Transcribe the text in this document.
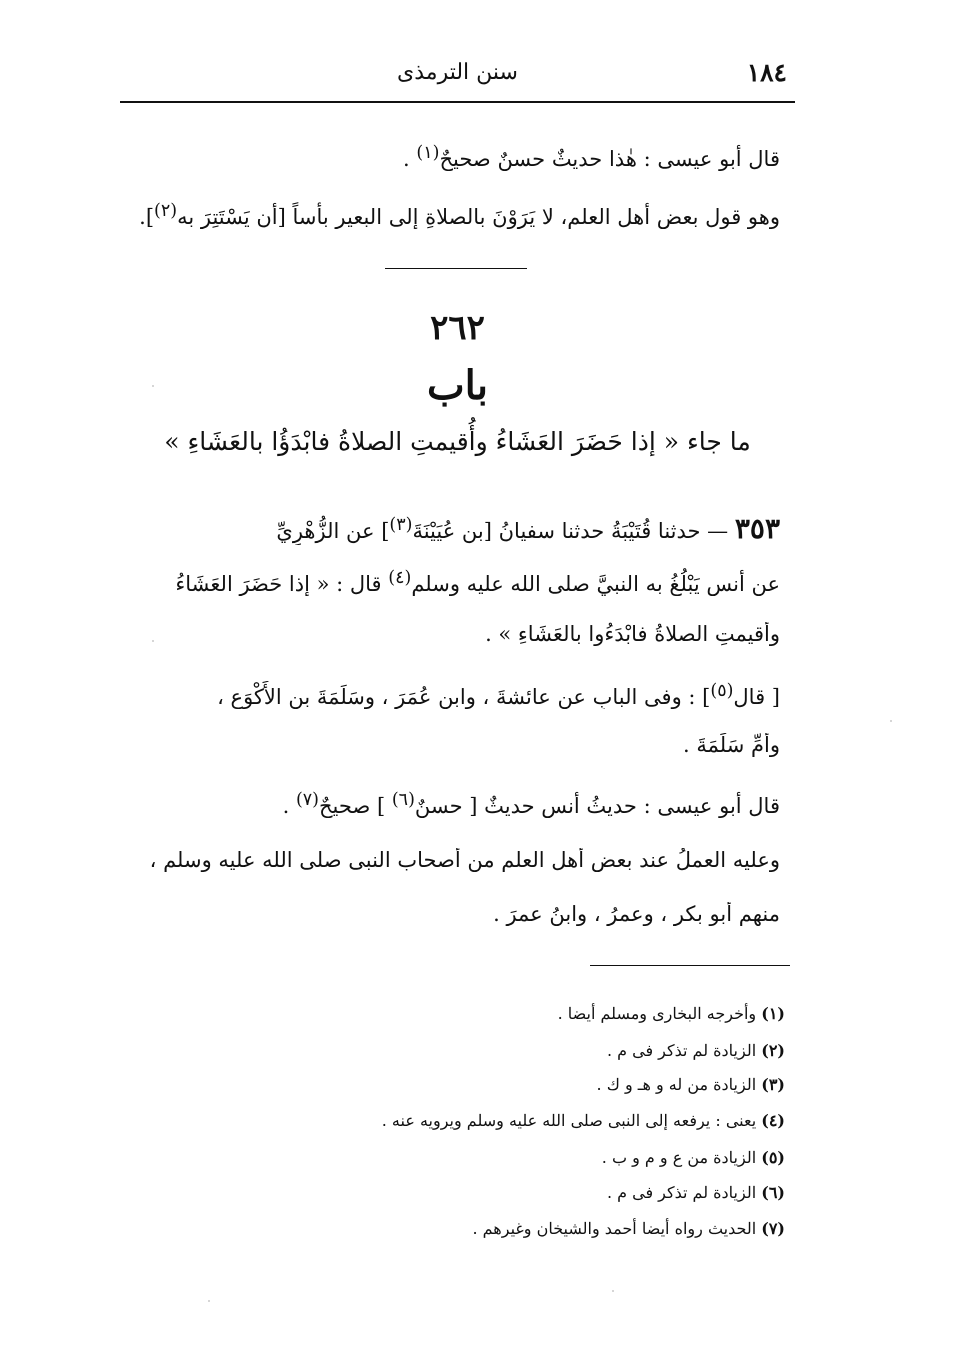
١٨٤
سنن الترمذى
قال أبو عيسى : هٰذا حديثٌ حسنٌ صحيحٌ$^{(١)}$ .
وهو قول بعضِ أهل العلم، لا يَرَوْنَ بالصلاةِ إلى البعيرِ بأساً [أن يَسْتَتِرَ به$^{(٢)}$].
٢٦٢
باب
ما جاء « إذا حَضَرَ العَشَاءُ وأُقيمتِ الصلاةُ فابْدَؤُا بالعَشَاءِ »
٣٥٣ — حدثنا قُتَيْبَةُ حدثنا سفيانُ [بن عُيَيْنَةَ$^{(٣)}$] عن الزُّهْرِيِّ
عن أنسٍ يَبْلُغُ به النبيَّ صلى الله عليه وسلم$^{(٤)}$ قال : « إذا حَضَرَ العَشَاءُ
وأقيمتِ الصلاةُ فابْدَءُوا بالعَشَاءِ » .
[ قال$^{(٥)}$] : وفى البابِ عن عائشةَ ، وابنِ عُمَرَ ، وسَلَمَةَ بنِ الأَكْوَعِ ،
وأُمِّ سَلَمَةَ .
قال أبو عيسى : حديثُ أنسٍ حديثٌ [ حسنٌ$^{(٦)}$ ] صحيحٌ$^{(٧)}$ .
وعليه العملُ عند بعضِ أهل العلم من أصحاب النبى صلى الله عليه وسلم ،
منهم أبو بكرٍ ، وعمرُ ، وابنُ عمرَ .
(١) وأخرجه البخارى ومسلم أيضا .
(٢) الزيادة لم تذكر فى م .
(٣) الزيادة من له و هـ و ك .
(٤) يعنى : يرفعه إلى النبى صلى الله عليه وسلم ويرويه عنه .
(٥) الزيادة من ع و م و ب .
(٦) الزيادة لم تذكر فى م .
(٧) الحديث رواه أيضا أحمد والشيخان وغيرهم .
